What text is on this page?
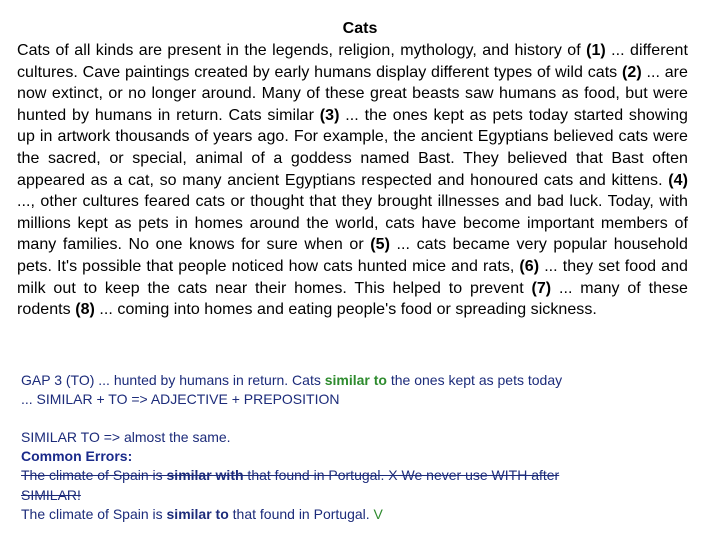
Cats
Cats of all kinds are present in the legends, religion, mythology, and history of (1) ... different cultures. Cave paintings created by early humans display different types of wild cats (2) ... are now extinct, or no longer around. Many of these great beasts saw humans as food, but were hunted by humans in return. Cats similar (3) ... the ones kept as pets today started showing up in artwork thousands of years ago. For example, the ancient Egyptians believed cats were the sacred, or special, animal of a goddess named Bast. They believed that Bast often appeared as a cat, so many ancient Egyptians respected and honoured cats and kittens. (4) ..., other cultures feared cats or thought that they brought illnesses and bad luck. Today, with millions kept as pets in homes around the world, cats have become important members of many families. No one knows for sure when or (5) ... cats became very popular household pets. It's possible that people noticed how cats hunted mice and rats, (6) ... they set food and milk out to keep the cats near their homes. This helped to prevent (7) ... many of these rodents (8) ... coming into homes and eating people's food or spreading sickness.
GAP 3 (TO) ... hunted by humans in return. Cats similar to the ones kept as pets today
... SIMILAR + TO => ADJECTIVE + PREPOSITION
SIMILAR TO => almost the same.
Common Errors:
The climate of Spain is similar with that found in Portugal. X We never use WITH after
SIMILAR!
The climate of Spain is similar to that found in Portugal. V
